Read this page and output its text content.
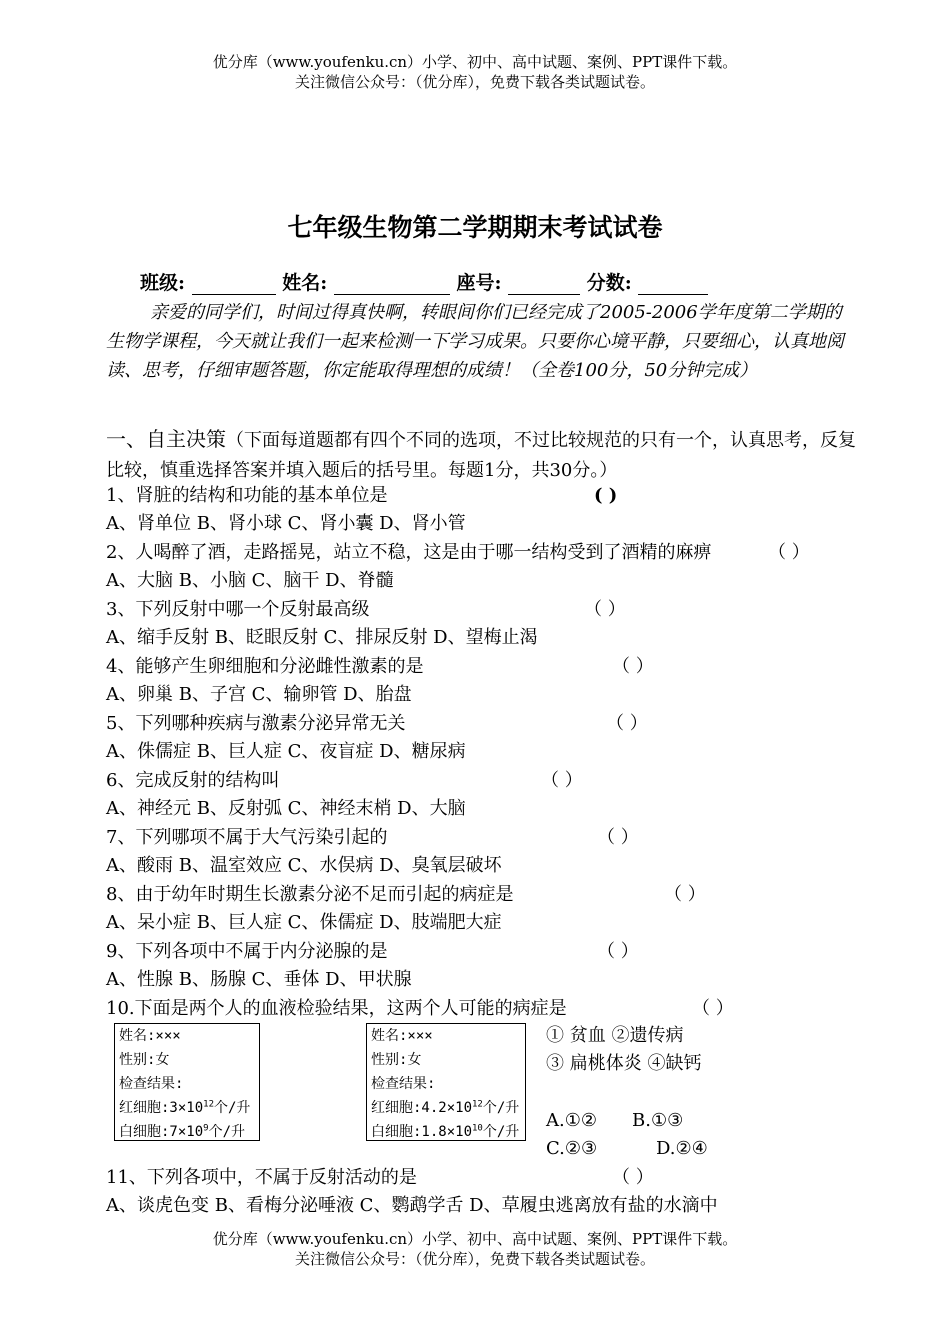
优分库（www.youfenku.cn）小学、初中、高中试题、案例、PPT课件下载。
关注微信公众号：（优分库），免费下载各类试题试卷。
七年级生物第二学期期末考试试卷
班级:	姓名:	座号:	分数:
亲爱的同学们，时间过得真快啊，转眼间你们已经完成了2005-2006学年度第二学期的生物学课程，今天就让我们一起来检测一下学习成果。只要你心境平静，只要细心，认真地阅读、思考，仔细审题答题，你定能取得理想的成绩！（全卷100分，50分钟完成）
一、自主决策（下面每道题都有四个不同的选项，不过比较规范的只有一个，认真思考，反复比较，慎重选择答案并填入题后的括号里。每题1分，共30分。）
1、肾脏的结构和功能的基本单位是	( )
A、肾单位 B、肾小球 C、肾小囊 D、肾小管
2、人喝醉了酒，走路摇晃，站立不稳，这是由于哪一结构受到了酒精的麻痹	（ ）
A、大脑 B、小脑 C、脑干 D、脊髓
3、下列反射中哪一个反射最高级	（ ）
A、缩手反射 B、眨眼反射 C、排尿反射 D、望梅止渴
4、能够产生卵细胞和分泌雌性激素的是	（ ）
A、卵巢 B、子宫 C、输卵管 D、胎盘
5、下列哪种疾病与激素分泌异常无关	（ ）
A、侏儒症 B、巨人症 C、夜盲症 D、糖尿病
6、完成反射的结构叫	（ ）
A、神经元 B、反射弧 C、神经末梢 D、大脑
7、下列哪项不属于大气污染引起的	（ ）
A、酸雨 B、温室效应 C、水俣病 D、臭氧层破坏
8、由于幼年时期生长激素分泌不足而引起的病症是	（ ）
A、呆小症 B、巨人症 C、侏儒症 D、肢端肥大症
9、下列各项中不属于内分泌腺的是	（ ）
A、性腺 B、肠腺 C、垂体 D、甲状腺
10.下面是两个人的血液检验结果，这两个人可能的病症是	（ ）
姓名:×××
性别:女
检查结果:
红细胞$:3\times 10^{12}$个/升
白细胞$:7\times 10^9$个/升
姓名:×××
性别:女
检查结果:
红细胞$:4.2\times 10^{12}$个/升
白细胞$:1.8\times 10^{10}$个/升
① 贫血 ②遗传病
③ 扁桃体炎 ④缺钙
A.①② B.①③
C.②③	D.②④
11、下列各项中，不属于反射活动的是	（ ）
A、谈虎色变 B、看梅分泌唾液 C、鹦鹉学舌 D、草履虫逃离放有盐的水滴中
优分库（www.youfenku.cn）小学、初中、高中试题、案例、PPT课件下载。
关注微信公众号：（优分库），免费下载各类试题试卷。
